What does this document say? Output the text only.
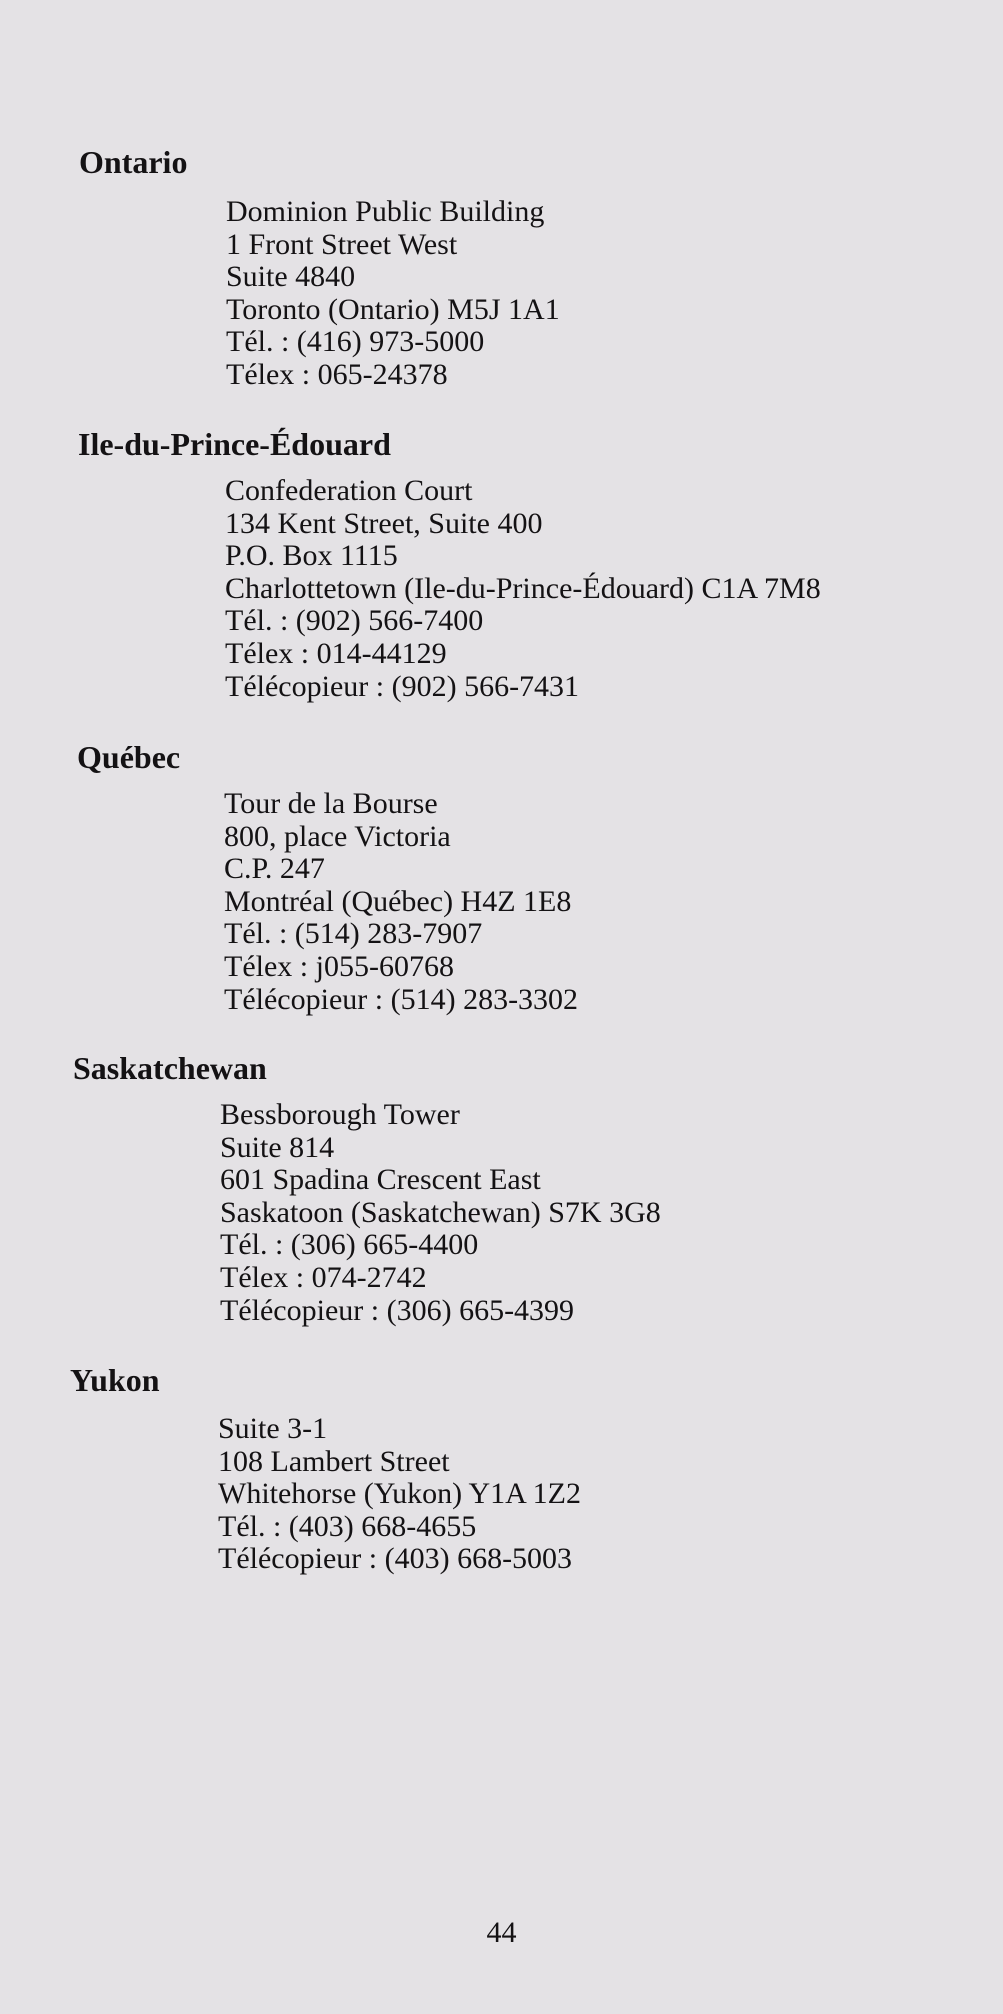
Ontario
Dominion Public Building
1 Front Street West
Suite 4840
Toronto (Ontario) M5J 1A1
Tél. : (416) 973-5000
Télex : 065-24378
Ile-du-Prince-Édouard
Confederation Court
134 Kent Street, Suite 400
P.O. Box 1115
Charlottetown (Ile-du-Prince-Édouard) C1A 7M8
Tél. : (902) 566-7400
Télex : 014-44129
Télécopieur : (902) 566-7431
Québec
Tour de la Bourse
800, place Victoria
C.P. 247
Montréal (Québec) H4Z 1E8
Tél. : (514) 283-7907
Télex : j055-60768
Télécopieur : (514) 283-3302
Saskatchewan
Bessborough Tower
Suite 814
601 Spadina Crescent East
Saskatoon (Saskatchewan) S7K 3G8
Tél. : (306) 665-4400
Télex : 074-2742
Télécopieur : (306) 665-4399
Yukon
Suite 3-1
108 Lambert Street
Whitehorse (Yukon) Y1A 1Z2
Tél. : (403) 668-4655
Télécopieur : (403) 668-5003
44
